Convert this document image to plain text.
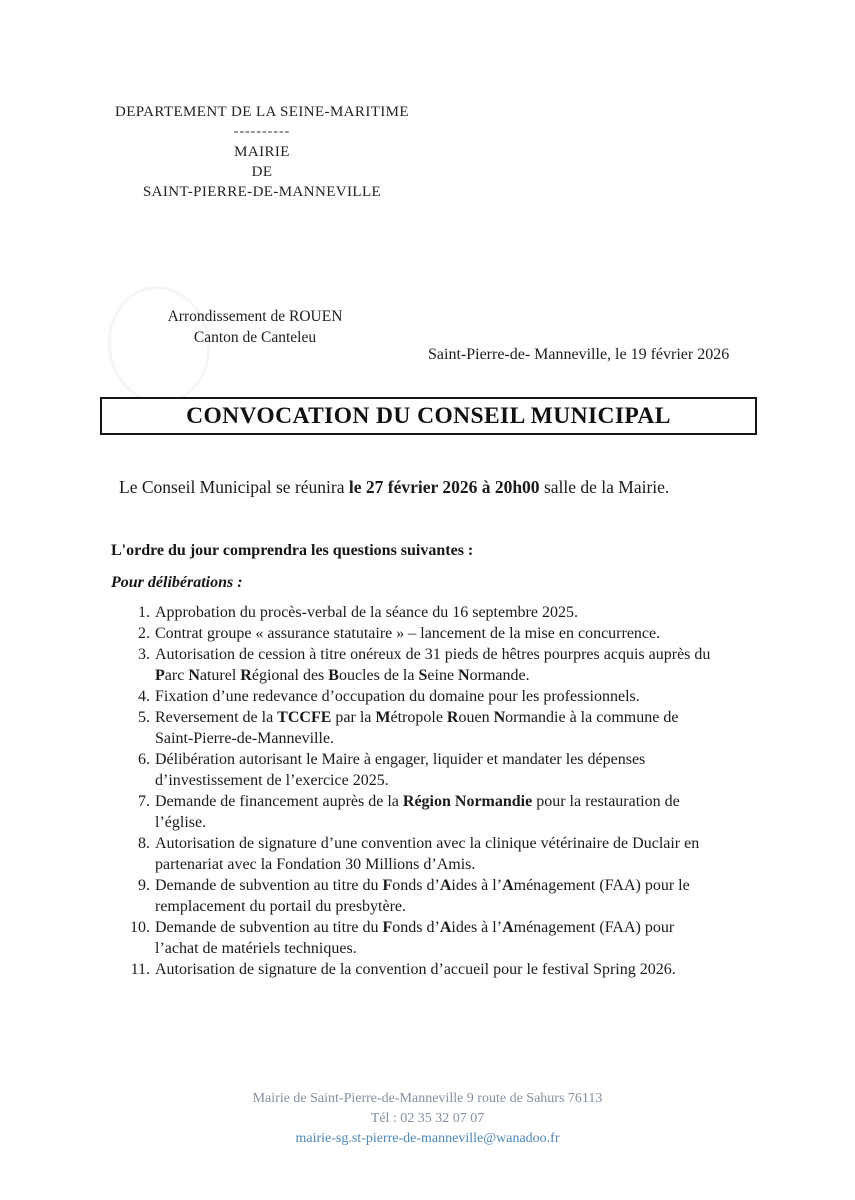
DEPARTEMENT DE LA SEINE-MARITIME
----------
MAIRIE
DE
SAINT-PIERRE-DE-MANNEVILLE
Arrondissement de ROUEN
Canton de Canteleu
Saint-Pierre-de- Manneville, le 19 février 2026
CONVOCATION DU CONSEIL MUNICIPAL
Le Conseil Municipal se réunira le 27 février 2026 à 20h00 salle de la Mairie.
L'ordre du jour comprendra les questions suivantes :
Pour délibérations :
1. Approbation du procès-verbal de la séance du 16 septembre 2025.
2. Contrat groupe « assurance statutaire » – lancement de la mise en concurrence.
3. Autorisation de cession à titre onéreux de 31 pieds de hêtres pourpres acquis auprès du
Parc Naturel Régional des Boucles de la Seine Normande.
4. Fixation d’une redevance d’occupation du domaine pour les professionnels.
5. Reversement de la TCCFE par la Métropole Rouen Normandie à la commune de
Saint-Pierre-de-Manneville.
6. Délibération autorisant le Maire à engager, liquider et mandater les dépenses
d’investissement de l’exercice 2025.
7. Demande de financement auprès de la Région Normandie pour la restauration de
l’église.
8. Autorisation de signature d’une convention avec la clinique vétérinaire de Duclair en
partenariat avec la Fondation 30 Millions d’Amis.
9. Demande de subvention au titre du Fonds d’Aides à l’Aménagement (FAA) pour le
remplacement du portail du presbytère.
10. Demande de subvention au titre du Fonds d’Aides à l’Aménagement (FAA) pour
l’achat de matériels techniques.
11. Autorisation de signature de la convention d’accueil pour le festival Spring 2026.
Mairie de Saint-Pierre-de-Manneville 9 route de Sahurs 76113
Tél : 02 35 32 07 07
mairie-sg.st-pierre-de-manneville@wanadoo.fr
